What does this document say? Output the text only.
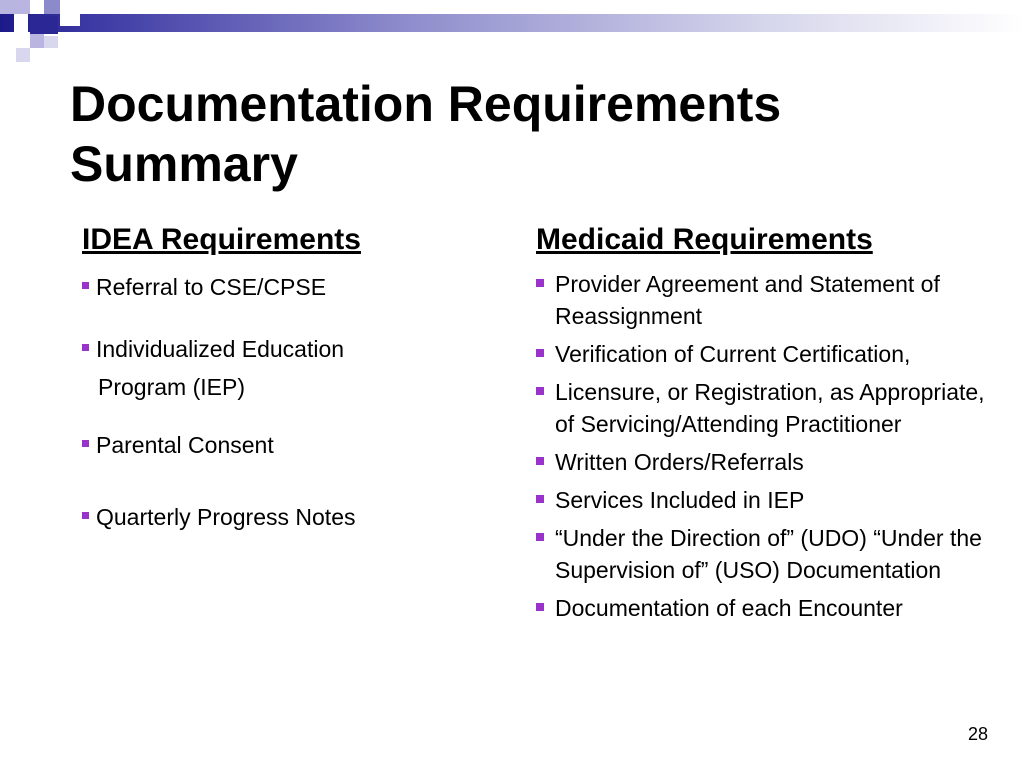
Documentation Requirements
Summary
IDEA Requirements
Referral to CSE/CPSE
Individualized Education
Program (IEP)
Parental Consent
Quarterly Progress Notes
Medicaid Requirements
Provider Agreement and Statement of Reassignment
Verification of Current Certification,
Licensure, or Registration, as Appropriate, of Servicing/Attending Practitioner
Written Orders/Referrals
Services Included in IEP
“Under the Direction of” (UDO) “Under the Supervision of” (USO) Documentation
Documentation of each Encounter
28
